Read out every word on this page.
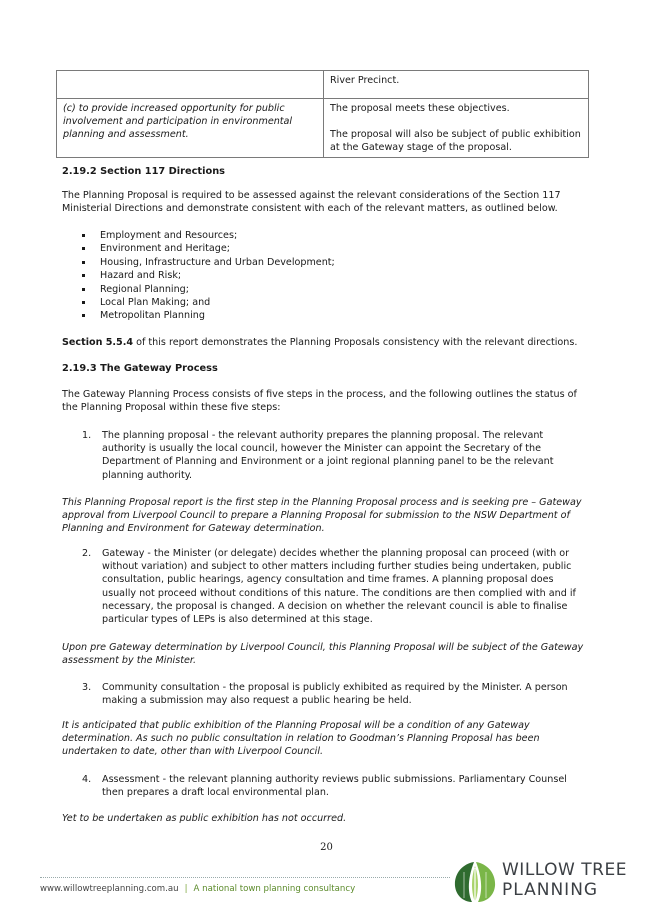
	River Precinct.
(c) to provide increased opportunity for public involvement and participation in environmental planning and assessment.	The proposal meets these objectives.
The proposal will also be subject of public exhibition at the Gateway stage of the proposal.
2.19.2 Section 117 Directions
The Planning Proposal is required to be assessed against the relevant considerations of the Section 117 Ministerial Directions and demonstrate consistent with each of the relevant matters, as outlined below.
Employment and Resources;
Environment and Heritage;
Housing, Infrastructure and Urban Development;
Hazard and Risk;
Regional Planning;
Local Plan Making; and
Metropolitan Planning
Section 5.5.4 of this report demonstrates the Planning Proposals consistency with the relevant directions.
2.19.3 The Gateway Process
The Gateway Planning Process consists of five steps in the process, and the following outlines the status of the Planning Proposal within these five steps:
1. The planning proposal - the relevant authority prepares the planning proposal. The relevant authority is usually the local council, however the Minister can appoint the Secretary of the Department of Planning and Environment or a joint regional planning panel to be the relevant planning authority.
This Planning Proposal report is the first step in the Planning Proposal process and is seeking pre – Gateway approval from Liverpool Council to prepare a Planning Proposal for submission to the NSW Department of Planning and Environment for Gateway determination.
2. Gateway - the Minister (or delegate) decides whether the planning proposal can proceed (with or without variation) and subject to other matters including further studies being undertaken, public consultation, public hearings, agency consultation and time frames. A planning proposal does usually not proceed without conditions of this nature. The conditions are then complied with and if necessary, the proposal is changed. A decision on whether the relevant council is able to finalise particular types of LEPs is also determined at this stage.
Upon pre Gateway determination by Liverpool Council, this Planning Proposal will be subject of the Gateway assessment by the Minister.
3. Community consultation - the proposal is publicly exhibited as required by the Minister. A person making a submission may also request a public hearing be held.
It is anticipated that public exhibition of the Planning Proposal will be a condition of any Gateway determination. As such no public consultation in relation to Goodman’s Planning Proposal has been undertaken to date, other than with Liverpool Council.
4. Assessment - the relevant planning authority reviews public submissions. Parliamentary Counsel then prepares a draft local environmental plan.
Yet to be undertaken as public exhibition has not occurred.
20
www.willowtreeplanning.com.au | A national town planning consultancy
WILLOW TREE
PLANNING
